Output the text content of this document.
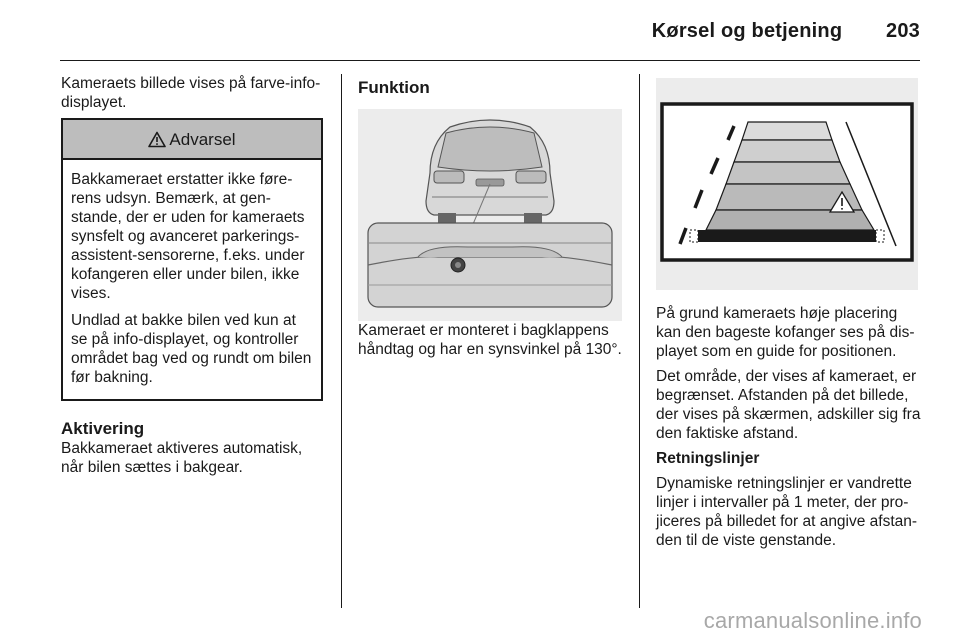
Kørsel og betjening 203

Kameraets billede vises på farve-info-displayet.

Advarsel

Bakkameraet erstatter ikke føre-rens udsyn. Bemærk, at gen-stande, der er uden for kameraets synsfelt og avanceret parkerings-assistent-sensorerne, f.eks. under kofangeren eller under bilen, ikke vises.

Undlad at bakke bilen ved kun at se på info-displayet, og kontroller området bag ved og rundt om bilen før bakning.

Aktivering

Bakkameraet aktiveres automatisk, når bilen sættes i bakgear.

Funktion

Kameraet er monteret i bagklappens håndtag og har en synsvinkel på 130°.

På grund kameraets høje placering kan den bageste kofanger ses på dis-playet som en guide for positionen.

Det område, der vises af kameraet, er begrænset. Afstanden på det billede, der vises på skærmen, adskiller sig fra den faktiske afstand.

Retningslinjer

Dynamiske retningslinjer er vandrette linjer i intervaller på 1 meter, der pro-jiceres på billedet for at angive afstan-den til de viste genstande.

carmanualsonline.info
